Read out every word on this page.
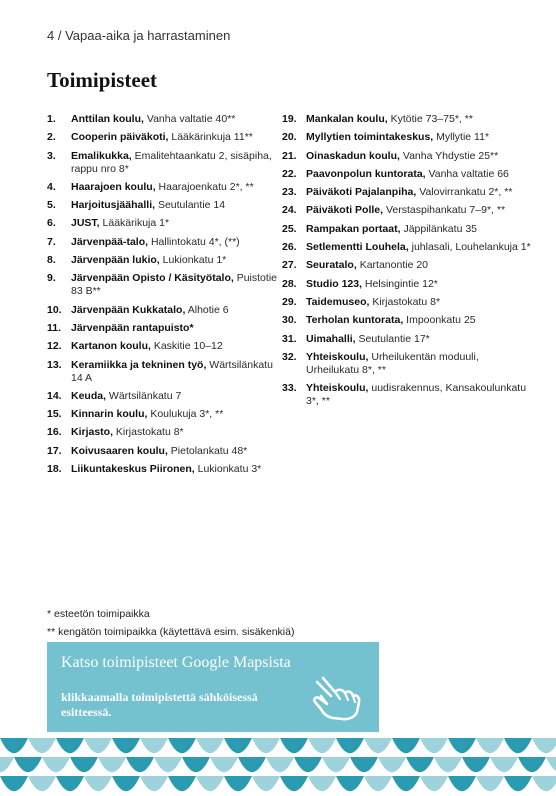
4 / Vapaa-aika ja harrastaminen
Toimipisteet
1. Anttilan koulu, Vanha valtatie 40**
2. Cooperin päiväkoti, Lääkärinkuja 11**
3. Emalikukka, Emalitehtaankatu 2, sisäpiha, rappu nro 8*
4. Haarajoen koulu, Haarajoenkatu 2*, **
5. Harjoitusjäähalli, Seutulantie 14
6. JUST, Lääkärikuja 1*
7. Järvenpää-talo, Hallintokatu 4*, (**)
8. Järvenpään lukio, Lukionkatu 1*
9. Järvenpään Opisto / Käsityötalo, Puistotie 83 B**
10. Järvenpään Kukkatalo, Alhotie 6
11. Järvenpään rantapuisto*
12. Kartanon koulu, Kaskitie 10–12
13. Keramiikka ja tekninen työ, Wärtsilänkatu 14 A
14. Keuda, Wärtsilänkatu 7
15. Kinnarin koulu, Koulukuja 3*, **
16. Kirjasto, Kirjastokatu 8*
17. Koivusaaren koulu, Pietolankatu 48*
18. Liikuntakeskus Piironen, Lukionkatu 3*
19. Mankalan koulu, Kytötie 73–75*, **
20. Myllytien toimintakeskus, Myllytie 11*
21. Oinaskadun koulu, Vanha Yhdystie 25**
22. Paavonpolun kuntorata, Vanha valtatie 66
23. Päiväkoti Pajalanpiha, Valovirrankatu 2*, **
24. Päiväkoti Polle, Verstaspihankatu 7–9*, **
25. Rampakan portaat, Jäppilänkatu 35
26. Setlementti Louhela, juhlasali, Louhelankuja 1*
27. Seuratalo, Kartanontie 20
28. Studio 123, Helsingintie 12*
29. Taidemuseo, Kirjastokatu 8*
30. Terholan kuntorata, Impoonkatu 25
31. Uimahalli, Seutulantie 17*
32. Yhteiskoulu, Urheilukentän moduuli, Urheilukatu 8*, **
33. Yhteiskoulu, uudisrakennus, Kansakoulunkatu 3*, **
* esteetön toimipaikka
** kengätön toimipaikka (käytettävä esim. sisäkenkiä)
Katso toimipisteet Google Mapsista
klikkaamalla toimipistettä sähköisessä esitteessä.
